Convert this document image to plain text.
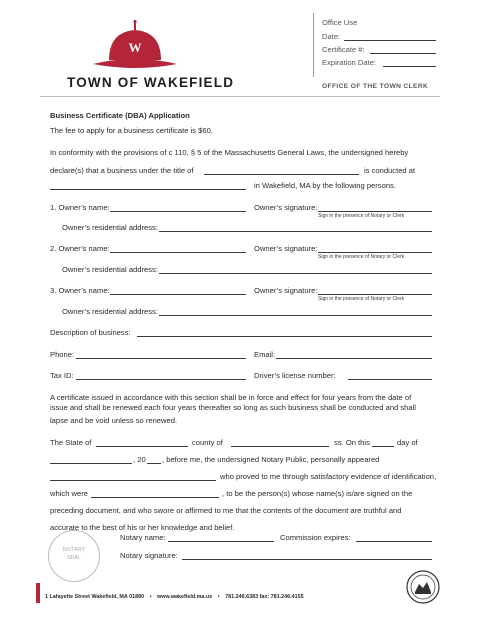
W
TOWN OF WAKEFIELD
Office Use
Date:
Certificate #:
Expiration Date:
OFFICE OF THE TOWN CLERK
Business Certificate (DBA) Application
The fee to apply for a business certificate is $60.
In conformity with the provisions of c 110, § 5 of the Massachusetts General Laws, the undersigned hereby
declare(s) that a business under the title of	is conducted at
in Wakefield, MA by the following persons.
1. Owner’s name:	Owner’s signature:
Sign in the presence of Notary or Clerk
Owner’s residential address:
2. Owner’s name:	Owner’s signature:
Sign in the presence of Notary or Clerk
Owner’s residential address:
3. Owner’s name:	Owner’s signature:
Sign in the presence of Notary or Clerk
Owner’s residential address:
Description of business:
Phone:	Email:
Tax ID:	Driver’s license number:
A certificate issued in accordance with this section shall be in force and effect for four years from the date of
issue and shall be renewed each four years thereafter so long as such business shall be conducted and shall
lapse and be void unless so renewed.
The State of	county of	ss. On this	day of
, 20 , before me, the undersigned Notary Public, personally appeared
who proved to me through satisfactory evidence of identification,
which were	, to be the person(s) whose name(s) is/are signed on the
preceding document, and who swore or affirmed to me that the contents of the document are truthful and
accurate to the best of his or her knowledge and belief.
NOTARY
SEAL
Notary name:	Commission expires:
Notary signature:
1 Lafayette Street Wakefield, MA 01880 • www.wakefield.ma.us • 781.246.6383 fax: 781.246.4155
